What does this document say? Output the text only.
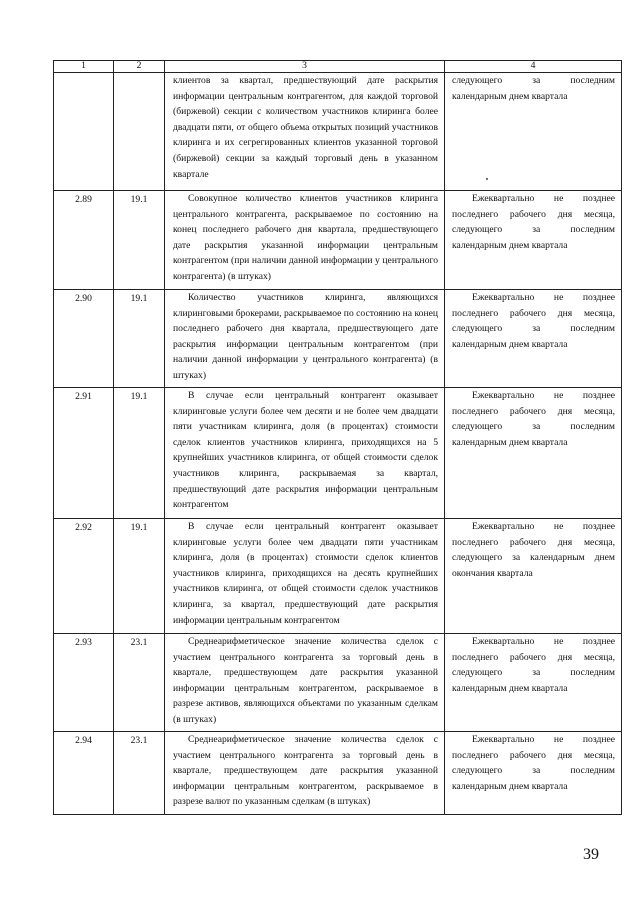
1	2	3	4

		клиентов за квартал, предшествующий дате раскрытия информации центральным контрагентом, для каждой торговой (биржевой) секции с количеством участников клиринга более двадцати пяти, от общего объема открытых позиций участников клиринга и их сегрегированных клиентов указанной торговой (биржевой) секции за каждый торговый день в указанном квартале	следующего за последним календарным днем квартала

2.89	19.1	Совокупное количество клиентов участников клиринга центрального контрагента, раскрываемое по состоянию на конец последнего рабочего дня квартала, предшествующего дате раскрытия указанной информации центральным контрагентом (при наличии данной информации у центрального контрагента) (в штуках)	Ежеквартально не позднее последнего рабочего дня месяца, следующего за последним календарным днем квартала

2.90	19.1	Количество участников клиринга, являющихся клиринговыми брокерами, раскрываемое по состоянию на конец последнего рабочего дня квартала, предшествующего дате раскрытия информации центральным контрагентом (при наличии данной информации у центрального контрагента) (в штуках)	Ежеквартально не позднее последнего рабочего дня месяца, следующего за последним календарным днем квартала

2.91	19.1	В случае если центральный контрагент оказывает клиринговые услуги более чем десяти и не более чем двадцати пяти участникам клиринга, доля (в процентах) стоимости сделок клиентов участников клиринга, приходящихся на 5 крупнейших участников клиринга, от общей стоимости сделок участников клиринга, раскрываемая за квартал, предшествующий дате раскрытия информации центральным контрагентом	Ежеквартально не позднее последнего рабочего дня месяца, следующего за последним календарным днем квартала

2.92	19.1	В случае если центральный контрагент оказывает клиринговые услуги более чем двадцати пяти участникам клиринга, доля (в процентах) стоимости сделок клиентов участников клиринга, приходящихся на десять крупнейших участников клиринга, от общей стоимости сделок участников клиринга, за квартал, предшествующий дате раскрытия информации центральным контрагентом	Ежеквартально не позднее последнего рабочего дня месяца, следующего за календарным днем окончания квартала

2.93	23.1	Среднеарифметическое значение количества сделок с участием центрального контрагента за торговый день в квартале, предшествующем дате раскрытия указанной информации центральным контрагентом, раскрываемое в разрезе активов, являющихся объектами по указанным сделкам (в штуках)	Ежеквартально не позднее последнего рабочего дня месяца, следующего за последним календарным днем квартала

2.94	23.1	Среднеарифметическое значение количества сделок с участием центрального контрагента за торговый день в квартале, предшествующем дате раскрытия указанной информации центральным контрагентом, раскрываемое в разрезе валют по указанным сделкам (в штуках)	Ежеквартально не позднее последнего рабочего дня месяца, следующего за последним календарным днем квартала

39
